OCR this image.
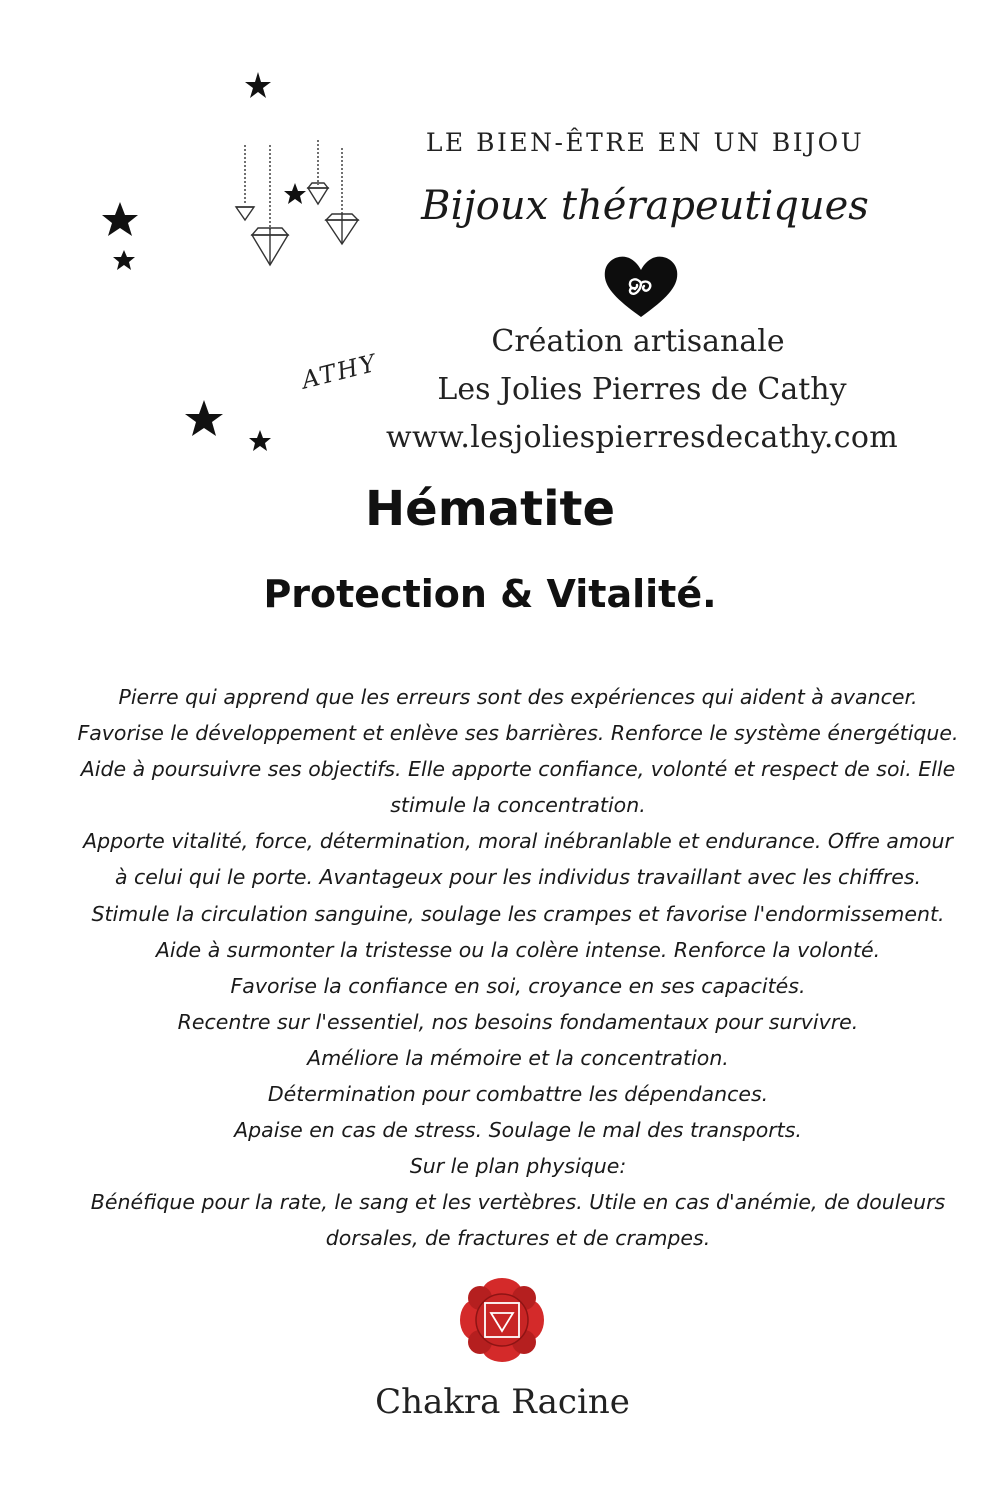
Les Jolies Pierres de
ATHY
LE BIEN-ÊTRE EN UN BIJOU
Bijoux thérapeutiques
Création artisanale
Les Jolies Pierres de Cathy
www.lesjoliespierresdecathy.com
Hématite
Protection & Vitalité.
Pierre qui apprend que les erreurs sont des expériences qui aident à avancer.
Favorise le développement et enlève ses barrières. Renforce le système énergétique.
Aide à poursuivre ses objectifs. Elle apporte confiance, volonté et respect de soi. Elle
stimule la concentration.
Apporte vitalité, force, détermination, moral inébranlable et endurance. Offre amour
à celui qui le porte. Avantageux pour les individus travaillant avec les chiffres.
Stimule la circulation sanguine, soulage les crampes et favorise l'endormissement.
Aide à surmonter la tristesse ou la colère intense. Renforce la volonté.
Favorise la confiance en soi, croyance en ses capacités.
Recentre sur l'essentiel, nos besoins fondamentaux pour survivre.
Améliore la mémoire et la concentration.
Détermination pour combattre les dépendances.
Apaise en cas de stress. Soulage le mal des transports.
Sur le plan physique:
Bénéfique pour la rate, le sang et les vertèbres. Utile en cas d'anémie, de douleurs
dorsales, de fractures et de crampes.
Chakra Racine
